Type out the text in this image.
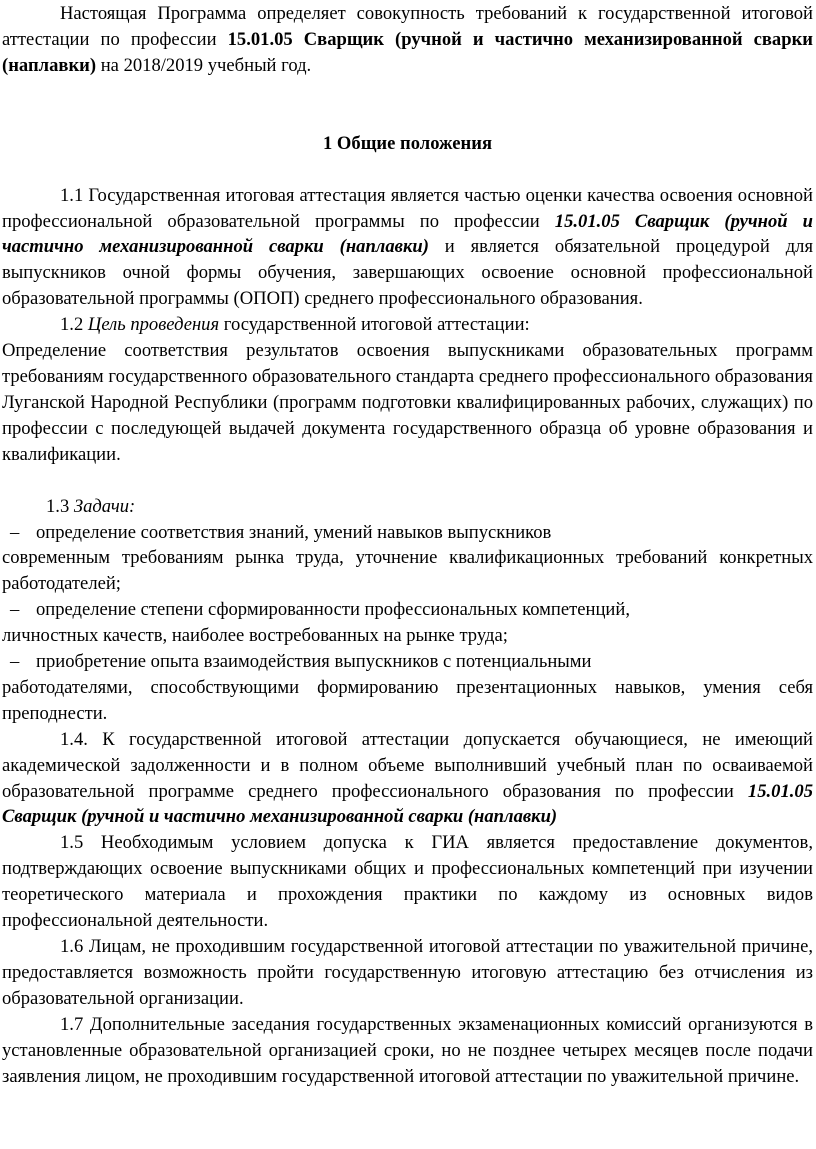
Настоящая Программа определяет совокупность требований к государственной итоговой аттестации по профессии 15.01.05 Сварщик (ручной и частично механизированной сварки (наплавки) на 2018/2019 учебный год.

1 Общие положения

1.1 Государственная итоговая аттестация является частью оценки качества освоения основной профессиональной образовательной программы по профессии 15.01.05 Сварщик (ручной и частично механизированной сварки (наплавки) и является обязательной процедурой для выпускников очной формы обучения, завершающих освоение основной профессиональной образовательной программы (ОПОП) среднего профессионального образования.

1.2 Цель проведения государственной итоговой аттестации:

Определение соответствия результатов освоения выпускниками образовательных программ требованиям государственного образовательного стандарта среднего профессионального образования Луганской Народной Республики (программ подготовки квалифицированных рабочих, служащих) по профессии с последующей выдачей документа государственного образца об уровне образования и квалификации.

1.3 Задачи:

– определение соответствия знаний, умений навыков выпускников

современным требованиям рынка труда, уточнение квалификационных требований конкретных работодателей;

– определение степени сформированности профессиональных компетенций,

личностных качеств, наиболее востребованных на рынке труда;

– приобретение опыта взаимодействия выпускников с потенциальными

работодателями, способствующими формированию презентационных навыков, умения себя преподнести.

1.4. К государственной итоговой аттестации допускается обучающиеся, не имеющий академической задолженности и в полном объеме выполнивший учебный план по осваиваемой образовательной программе среднего профессионального образования по профессии 15.01.05 Сварщик (ручной и частично механизированной сварки (наплавки)

1.5 Необходимым условием допуска к ГИА является предоставление документов, подтверждающих освоение выпускниками общих и профессиональных компетенций при изучении теоретического материала и прохождения практики по каждому из основных видов профессиональной деятельности.

1.6 Лицам, не проходившим государственной итоговой аттестации по уважительной причине, предоставляется возможность пройти государственную итоговую аттестацию без отчисления из образовательной организации.

1.7 Дополнительные заседания государственных экзаменационных комиссий организуются в установленные образовательной организацией сроки, но не позднее четырех месяцев после подачи заявления лицом, не проходившим государственной итоговой аттестации по уважительной причине.
